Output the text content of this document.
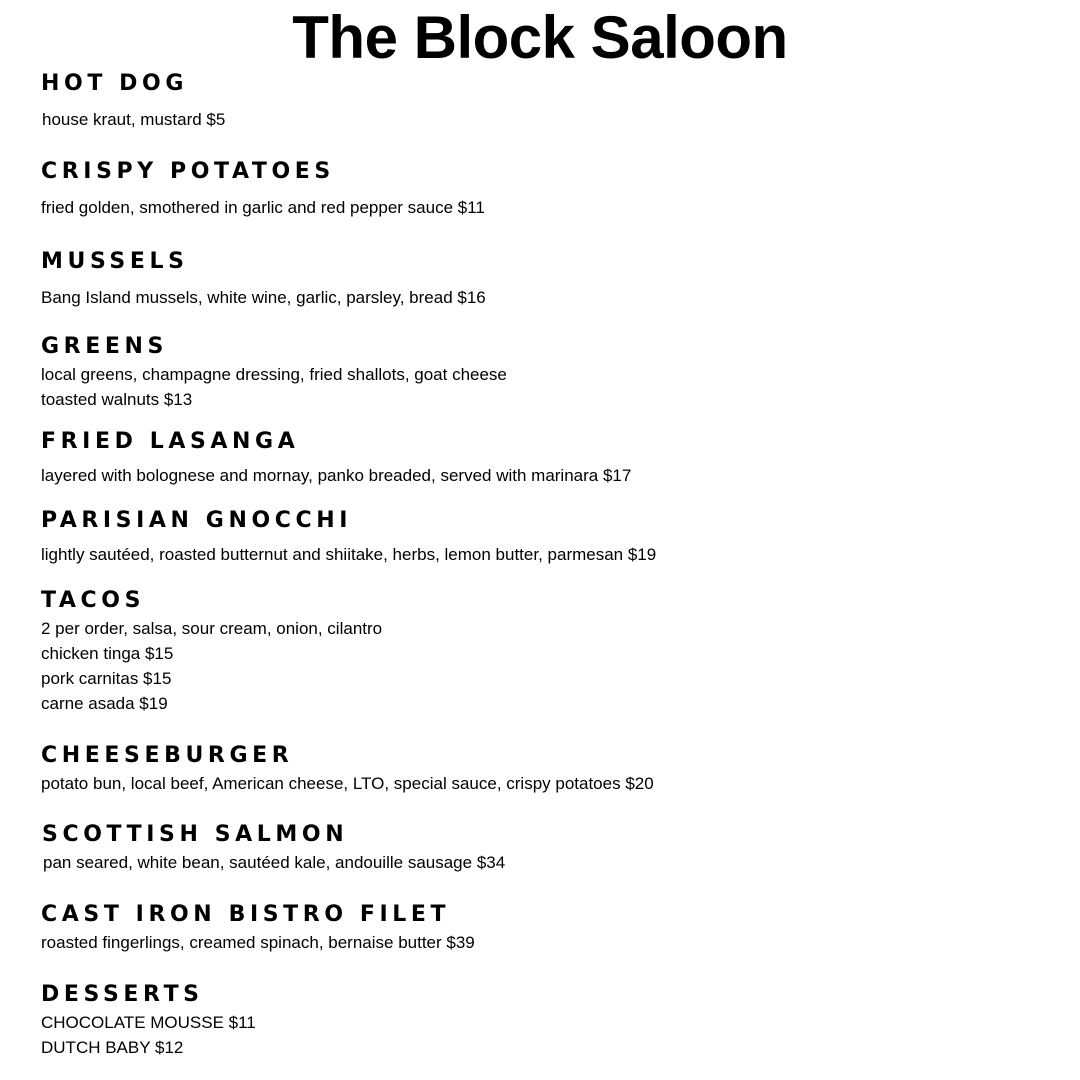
The Block Saloon
HOT DOG
house kraut, mustard $5
CRISPY POTATOES
fried golden, smothered in garlic and red pepper sauce $11
MUSSELS
Bang Island mussels, white wine, garlic, parsley, bread $16
GREENS
local greens, champagne dressing, fried shallots, goat cheese
toasted walnuts $13
FRIED LASANGA
layered with bolognese and mornay, panko breaded, served with marinara $17
PARISIAN GNOCCHI
lightly sautéed, roasted butternut and shiitake, herbs, lemon butter, parmesan $19
TACOS
2 per order, salsa, sour cream, onion, cilantro
chicken tinga $15
pork carnitas $15
carne asada $19
CHEESEBURGER
potato bun, local beef, American cheese, LTO, special sauce, crispy potatoes $20
SCOTTISH SALMON
pan seared, white bean, sautéed kale, andouille sausage $34
CAST IRON BISTRO FILET
roasted fingerlings, creamed spinach, bernaise butter $39
DESSERTS
CHOCOLATE MOUSSE $11
DUTCH BABY $12
